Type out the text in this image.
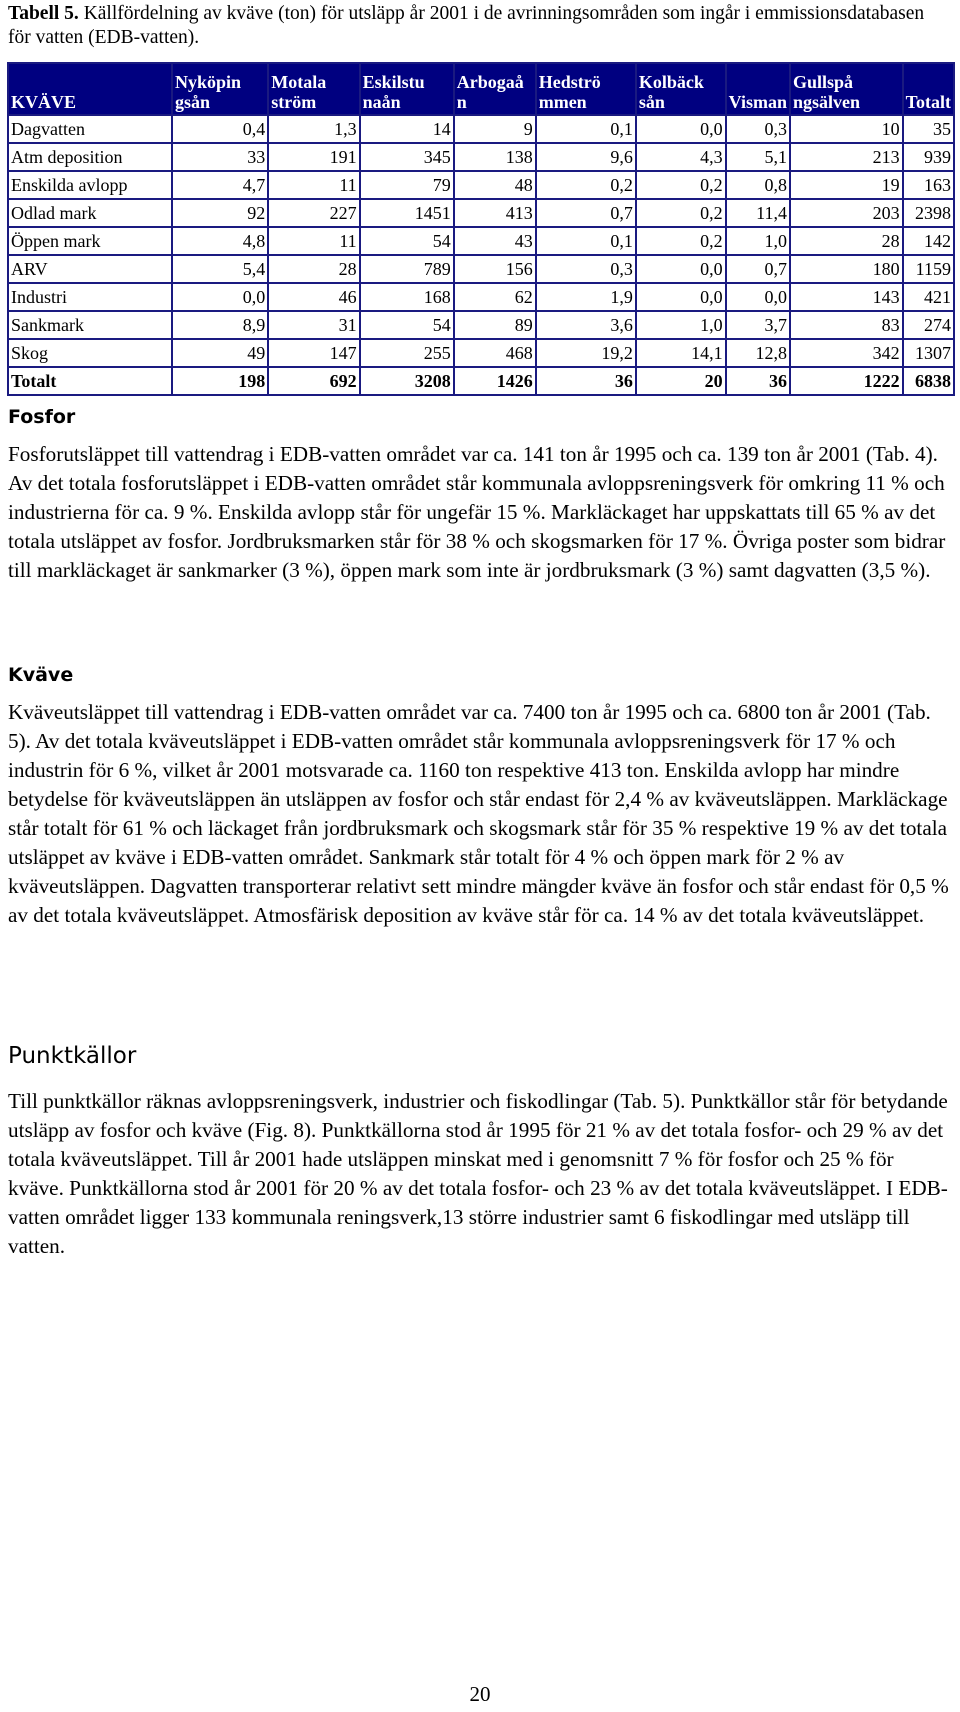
Tabell 5. Källfördelning av kväve (ton) för utsläpp år 2001 i de avrinningsområden som ingår i emmissionsdatabasen för vatten (EDB-vatten).
KVÄVE	Nyköpin gsån	Motala ström	Eskilstu naån	Arbogaå n	Hedströ mmen	Kolbäck sån	Visman	Gullspå ngsälven	Totalt
Dagvatten	0,4	1,3	14	9	0,1	0,0	0,3	10	35
Atm deposition	33	191	345	138	9,6	4,3	5,1	213	939
Enskilda avlopp	4,7	11	79	48	0,2	0,2	0,8	19	163
Odlad mark	92	227	1451	413	0,7	0,2	11,4	203	2398
Öppen mark	4,8	11	54	43	0,1	0,2	1,0	28	142
ARV	5,4	28	789	156	0,3	0,0	0,7	180	1159
Industri	0,0	46	168	62	1,9	0,0	0,0	143	421
Sankmark	8,9	31	54	89	3,6	1,0	3,7	83	274
Skog	49	147	255	468	19,2	14,1	12,8	342	1307
Totalt	198	692	3208	1426	36	20	36	1222	6838
Fosfor
Fosforutsläppet till vattendrag i EDB-vatten området var ca. 141 ton år 1995 och ca. 139 ton år 2001 (Tab. 4). Av det totala fosforutsläppet i EDB-vatten området står kommunala avloppsreningsverk för omkring 11 % och industrierna för ca. 9 %. Enskilda avlopp står för ungefär 15 %. Markläckaget har uppskattats till 65 % av det totala utsläppet av fosfor. Jordbruksmarken står för 38 % och skogsmarken för 17 %. Övriga poster som bidrar till markläckaget är sankmarker (3 %), öppen mark som inte är jordbruksmark (3 %) samt dagvatten (3,5 %).
Kväve
Kväveutsläppet till vattendrag i EDB-vatten området var ca. 7400 ton år 1995 och ca. 6800 ton år 2001 (Tab. 5). Av det totala kväveutsläppet i EDB-vatten området står kommunala avloppsreningsverk för 17 % och industrin för 6 %, vilket år 2001 motsvarade ca. 1160 ton respektive 413 ton. Enskilda avlopp har mindre betydelse för kväveutsläppen än utsläppen av fosfor och står endast för 2,4 % av kväveutsläppen. Markläckage står totalt för 61 % och läckaget från jordbruksmark och skogsmark står för 35 % respektive 19 % av det totala utsläppet av kväve i EDB-vatten området. Sankmark står totalt för 4 % och öppen mark för 2 % av kväveutsläppen. Dagvatten transporterar relativt sett mindre mängder kväve än fosfor och står endast för 0,5 % av det totala kväveutsläppet. Atmosfärisk deposition av kväve står för ca. 14 % av det totala kväveutsläppet.
Punktkällor
Till punktkällor räknas avloppsreningsverk, industrier och fiskodlingar (Tab. 5). Punktkällor står för betydande utsläpp av fosfor och kväve (Fig. 8). Punktkällorna stod år 1995 för 21 % av det totala fosfor- och 29 % av det totala kväveutsläppet. Till år 2001 hade utsläppen minskat med i genomsnitt 7 % för fosfor och 25 % för kväve. Punktkällorna stod år 2001 för 20 % av det totala fosfor- och 23 % av det totala kväveutsläppet. I EDB-vatten området ligger 133 kommunala reningsverk,13 större industrier samt 6 fiskodlingar med utsläpp till vatten.
20
